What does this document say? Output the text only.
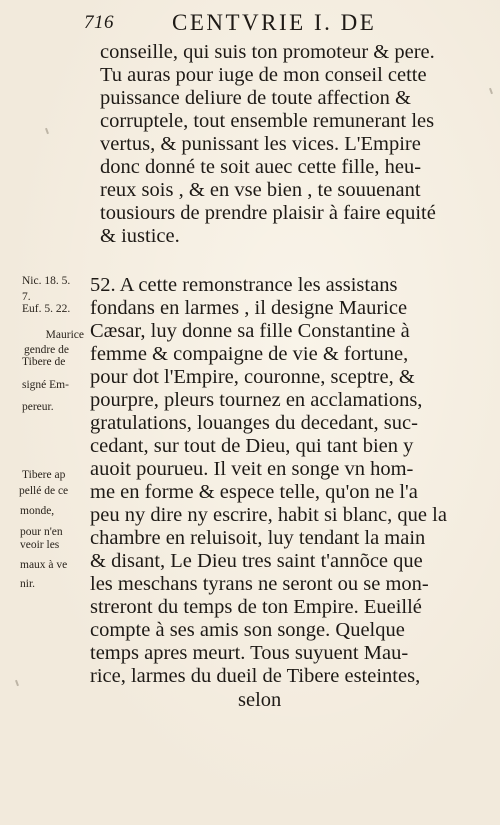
716	CENTVRIE I. DE
Nic. 18. 5.
7.
Euf. 5. 22.
Maurice
gendre de
Tibere de
signé Em-
pereur.
Tibere ap
pellé de ce
monde,
pour n'en
veoir les
maux à ve
nir.
conseille, qui suis ton promoteur & pere.
Tu auras pour iuge de mon conseil cette
puissance deliure de toute affection &
corruptele, tout ensemble remunerant les
vertus, & punissant les vices. L'Empire
donc donné te soit auec cette fille, heu-
reux sois , & en vse bien , te souuenant
tousiours de prendre plaisir à faire equité
& iustice.
52. A cette remonstrance les assistans
fondans en larmes , il designe Maurice
Cæsar, luy donne sa fille Constantine à
femme & compaigne de vie & fortune,
pour dot l'Empire, couronne, sceptre, &
pourpre, pleurs tournez en acclamations,
gratulations, louanges du decedant, suc-
cedant, sur tout de Dieu, qui tant bien y
auoit pourueu. Il veit en songe vn hom-
me en forme & espece telle, qu'on ne l'a
peu ny dire ny escrire, habit si blanc, que la
chambre en reluisoit, luy tendant la main
& disant, Le Dieu tres saint t'annõce que
les meschans tyrans ne seront ou se mon-
streront du temps de ton Empire. Eueillé
compte à ses amis son songe. Quelque
temps apres meurt. Tous suyuent Mau-
rice, larmes du dueil de Tibere esteintes,
selon
